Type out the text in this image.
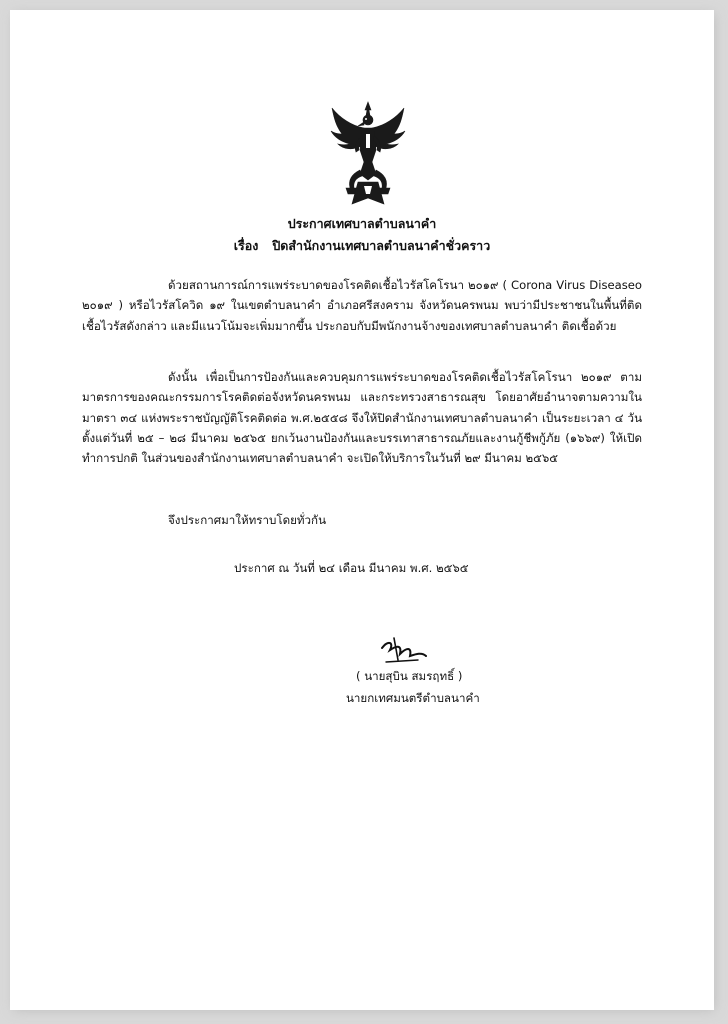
ประกาศเทศบาลตำบลนาคำ
เรื่อง ปิดสำนักงานเทศบาลตำบลนาคำชั่วคราว

ด้วยสถานการณ์การแพร่ระบาดของโรคติดเชื้อไวรัสโคโรนา ๒๐๑๙ ( Corona Virus Diseaseo ๒๐๑๙ ) หรือไวรัสโควิด ๑๙ ในเขตตำบลนาคำ อำเภอศรีสงคราม จังหวัดนครพนม พบว่ามีประชาชนในพื้นที่ติดเชื้อไวรัสดังกล่าว และมีแนวโน้มจะเพิ่มมากขึ้น ประกอบกับมีพนักงานจ้างของเทศบาลตำบลนาคำ ติดเชื้อด้วย

ดังนั้น เพื่อเป็นการป้องกันและควบคุมการแพร่ระบาดของโรคติดเชื้อไวรัสโคโรนา ๒๐๑๙ ตามมาตรการของคณะกรรมการโรคติดต่อจังหวัดนครพนม และกระทรวงสาธารณสุข โดยอาศัยอำนาจตามความในมาตรา ๓๔ แห่งพระราชบัญญัติโรคติดต่อ พ.ศ.๒๕๕๘ จึงให้ปิดสำนักงานเทศบาลตำบลนาคำ เป็นระยะเวลา ๔ วัน ตั้งแต่วันที่ ๒๕ – ๒๘ มีนาคม ๒๕๖๕ ยกเว้นงานป้องกันและบรรเทาสาธารณภัยและงานกู้ชีพกู้ภัย (๑๖๖๙) ให้เปิดทำการปกติ ในส่วนของสำนักงานเทศบาลตำบลนาคำ จะเปิดให้บริการในวันที่ ๒๙ มีนาคม ๒๕๖๕

จึงประกาศมาให้ทราบโดยทั่วกัน

ประกาศ ณ วันที่ ๒๔ เดือน มีนาคม พ.ศ. ๒๕๖๕
( นายสุบิน สมรฤทธิ์ )
นายกเทศมนตรีตำบลนาคำ
